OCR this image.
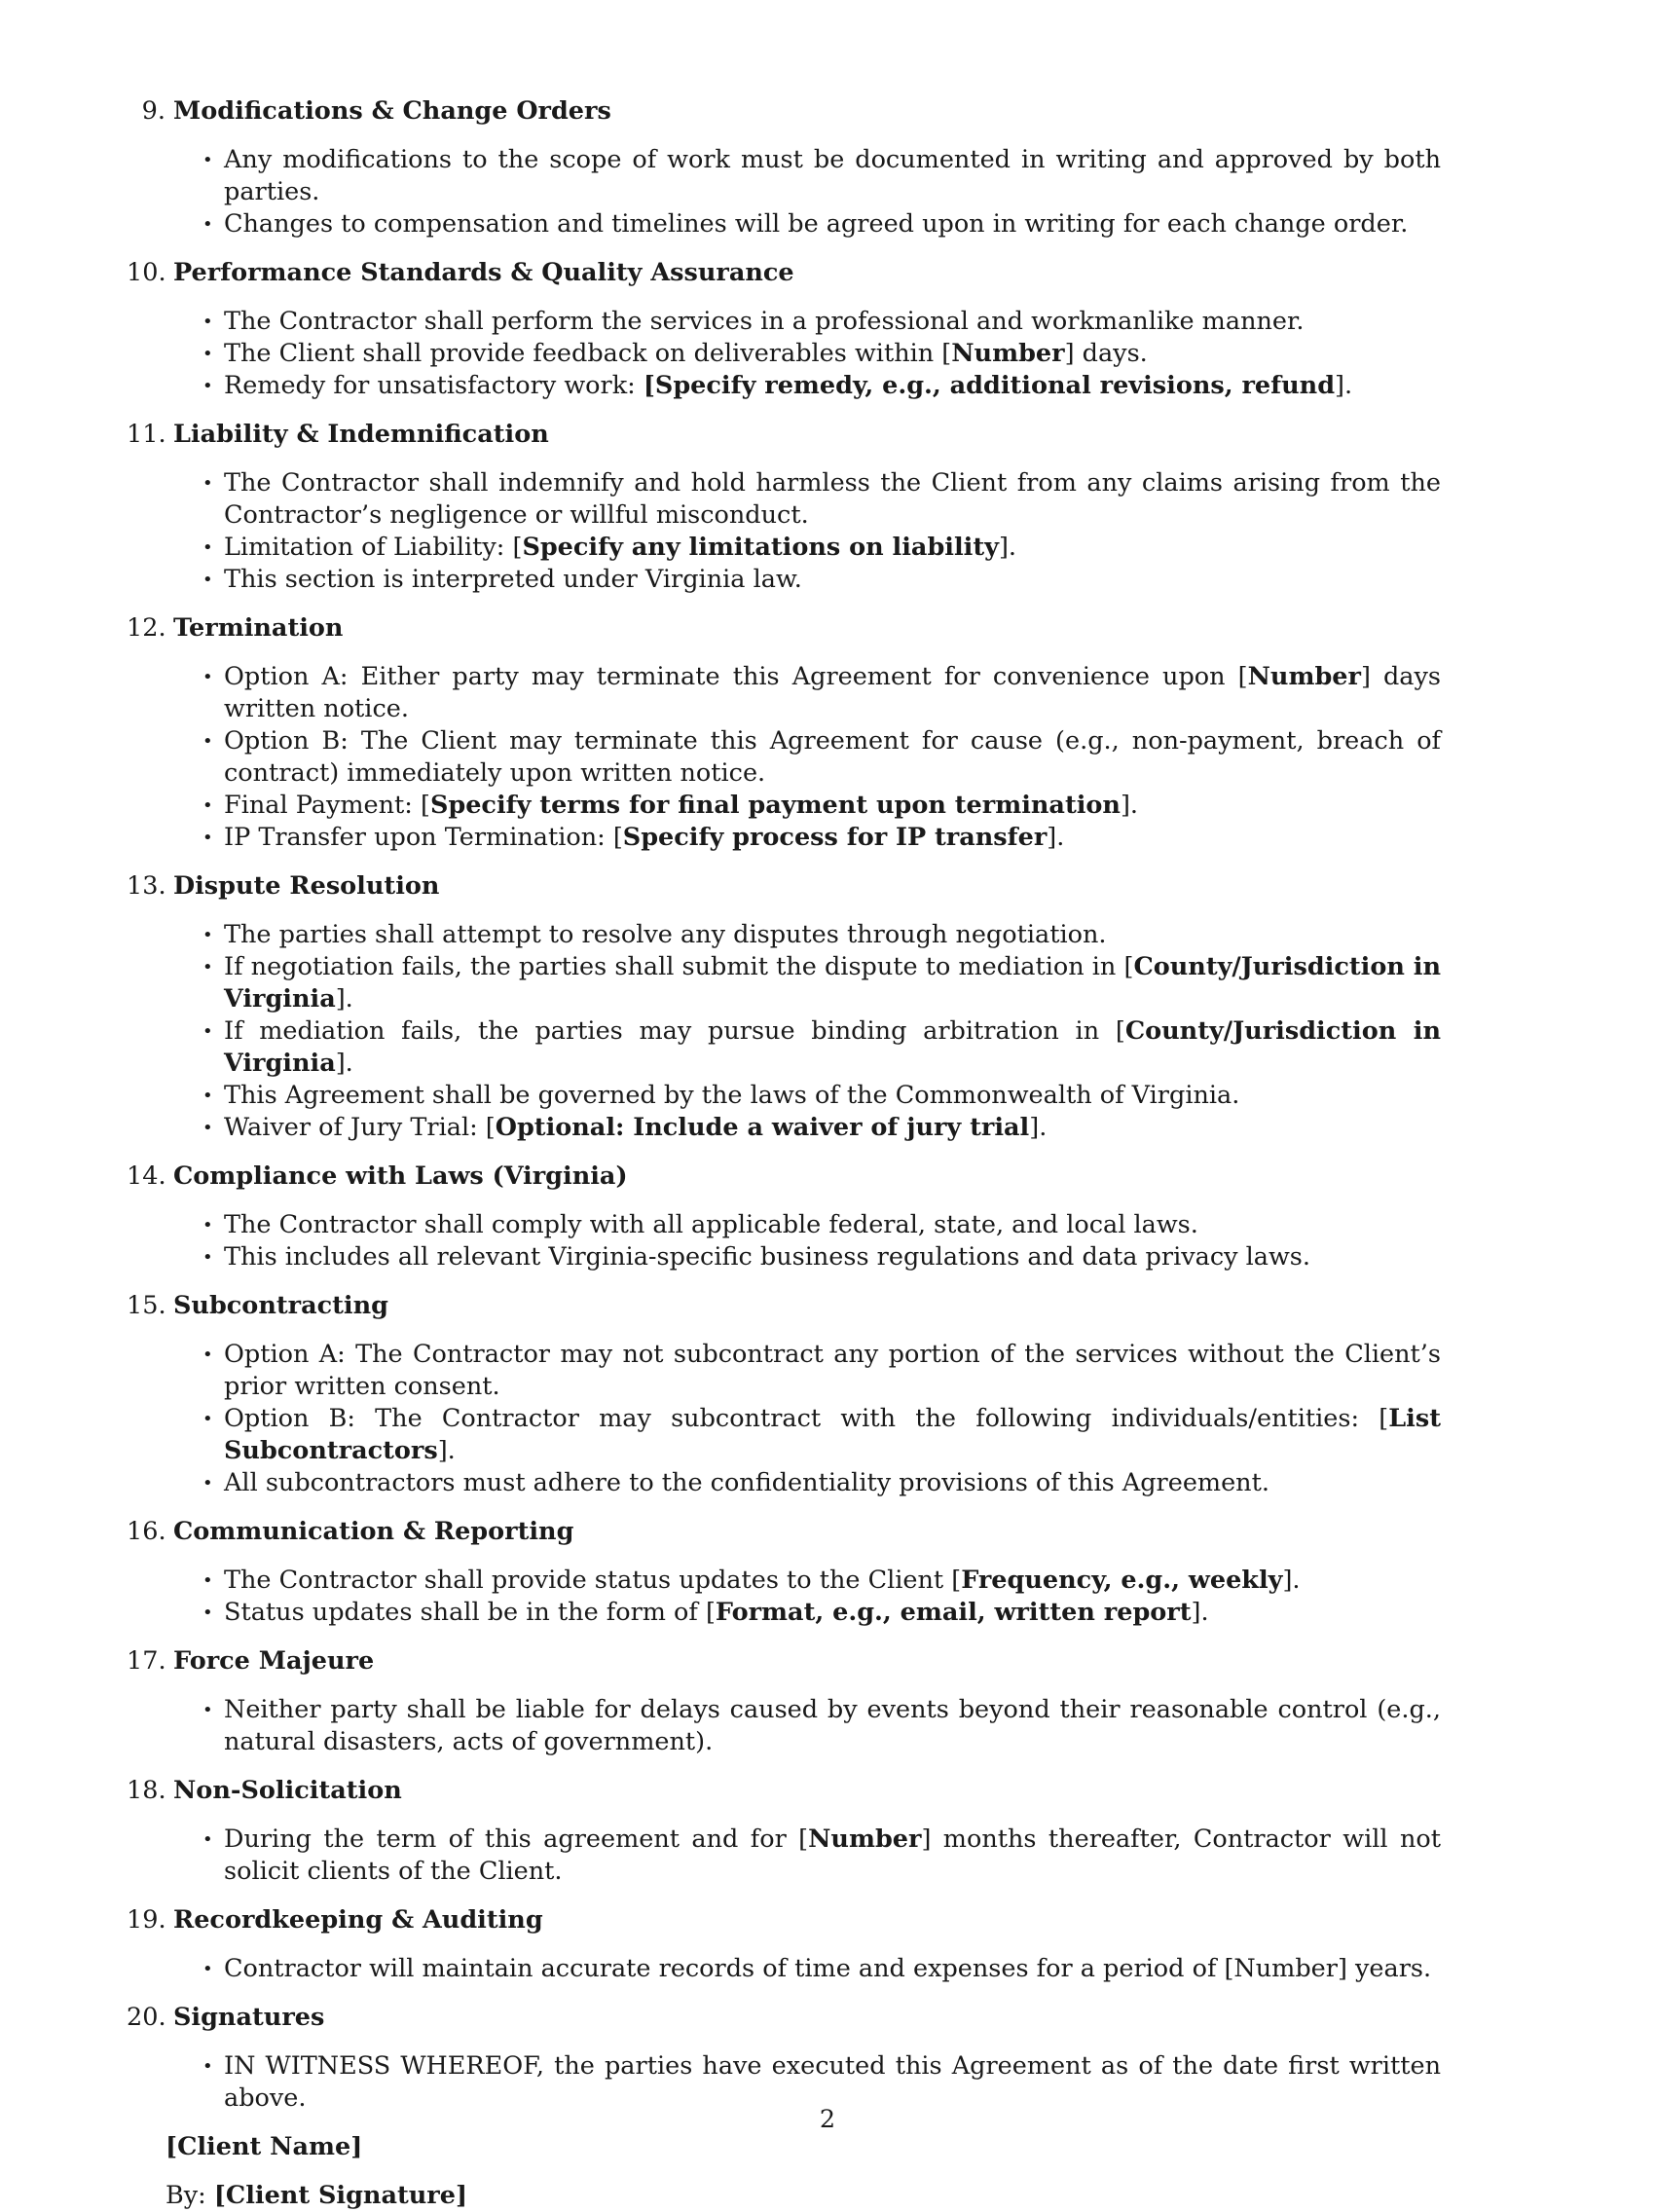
9. Modifications & Change Orders
• Any modifications to the scope of work must be documented in writing and approved by both parties.
• Changes to compensation and timelines will be agreed upon in writing for each change order.
10. Performance Standards & Quality Assurance
• The Contractor shall perform the services in a professional and workmanlike manner.
• The Client shall provide feedback on deliverables within [Number] days.
• Remedy for unsatisfactory work: [Specify remedy, e.g., additional revisions, refund].
11. Liability & Indemnification
• The Contractor shall indemnify and hold harmless the Client from any claims arising from the Contractor’s negligence or willful misconduct.
• Limitation of Liability: [Specify any limitations on liability].
• This section is interpreted under Virginia law.
12. Termination
• Option A: Either party may terminate this Agreement for convenience upon [Number] days written notice.
• Option B: The Client may terminate this Agreement for cause (e.g., non-payment, breach of contract) immediately upon written notice.
• Final Payment: [Specify terms for final payment upon termination].
• IP Transfer upon Termination: [Specify process for IP transfer].
13. Dispute Resolution
• The parties shall attempt to resolve any disputes through negotiation.
• If negotiation fails, the parties shall submit the dispute to mediation in [County/Jurisdiction in Virginia].
• If mediation fails, the parties may pursue binding arbitration in [County/Jurisdiction in Virginia].
• This Agreement shall be governed by the laws of the Commonwealth of Virginia.
• Waiver of Jury Trial: [Optional: Include a waiver of jury trial].
14. Compliance with Laws (Virginia)
• The Contractor shall comply with all applicable federal, state, and local laws.
• This includes all relevant Virginia-specific business regulations and data privacy laws.
15. Subcontracting
• Option A: The Contractor may not subcontract any portion of the services without the Client’s prior written consent.
• Option B: The Contractor may subcontract with the following individuals/entities: [List Subcontractors].
• All subcontractors must adhere to the confidentiality provisions of this Agreement.
16. Communication & Reporting
• The Contractor shall provide status updates to the Client [Frequency, e.g., weekly].
• Status updates shall be in the form of [Format, e.g., email, written report].
17. Force Majeure
• Neither party shall be liable for delays caused by events beyond their reasonable control (e.g., natural disasters, acts of government).
18. Non-Solicitation
• During the term of this agreement and for [Number] months thereafter, Contractor will not solicit clients of the Client.
19. Recordkeeping & Auditing
• Contractor will maintain accurate records of time and expenses for a period of [Number] years.
20. Signatures
• IN WITNESS WHEREOF, the parties have executed this Agreement as of the date first written above.
[Client Name]
By: [Client Signature]
2
